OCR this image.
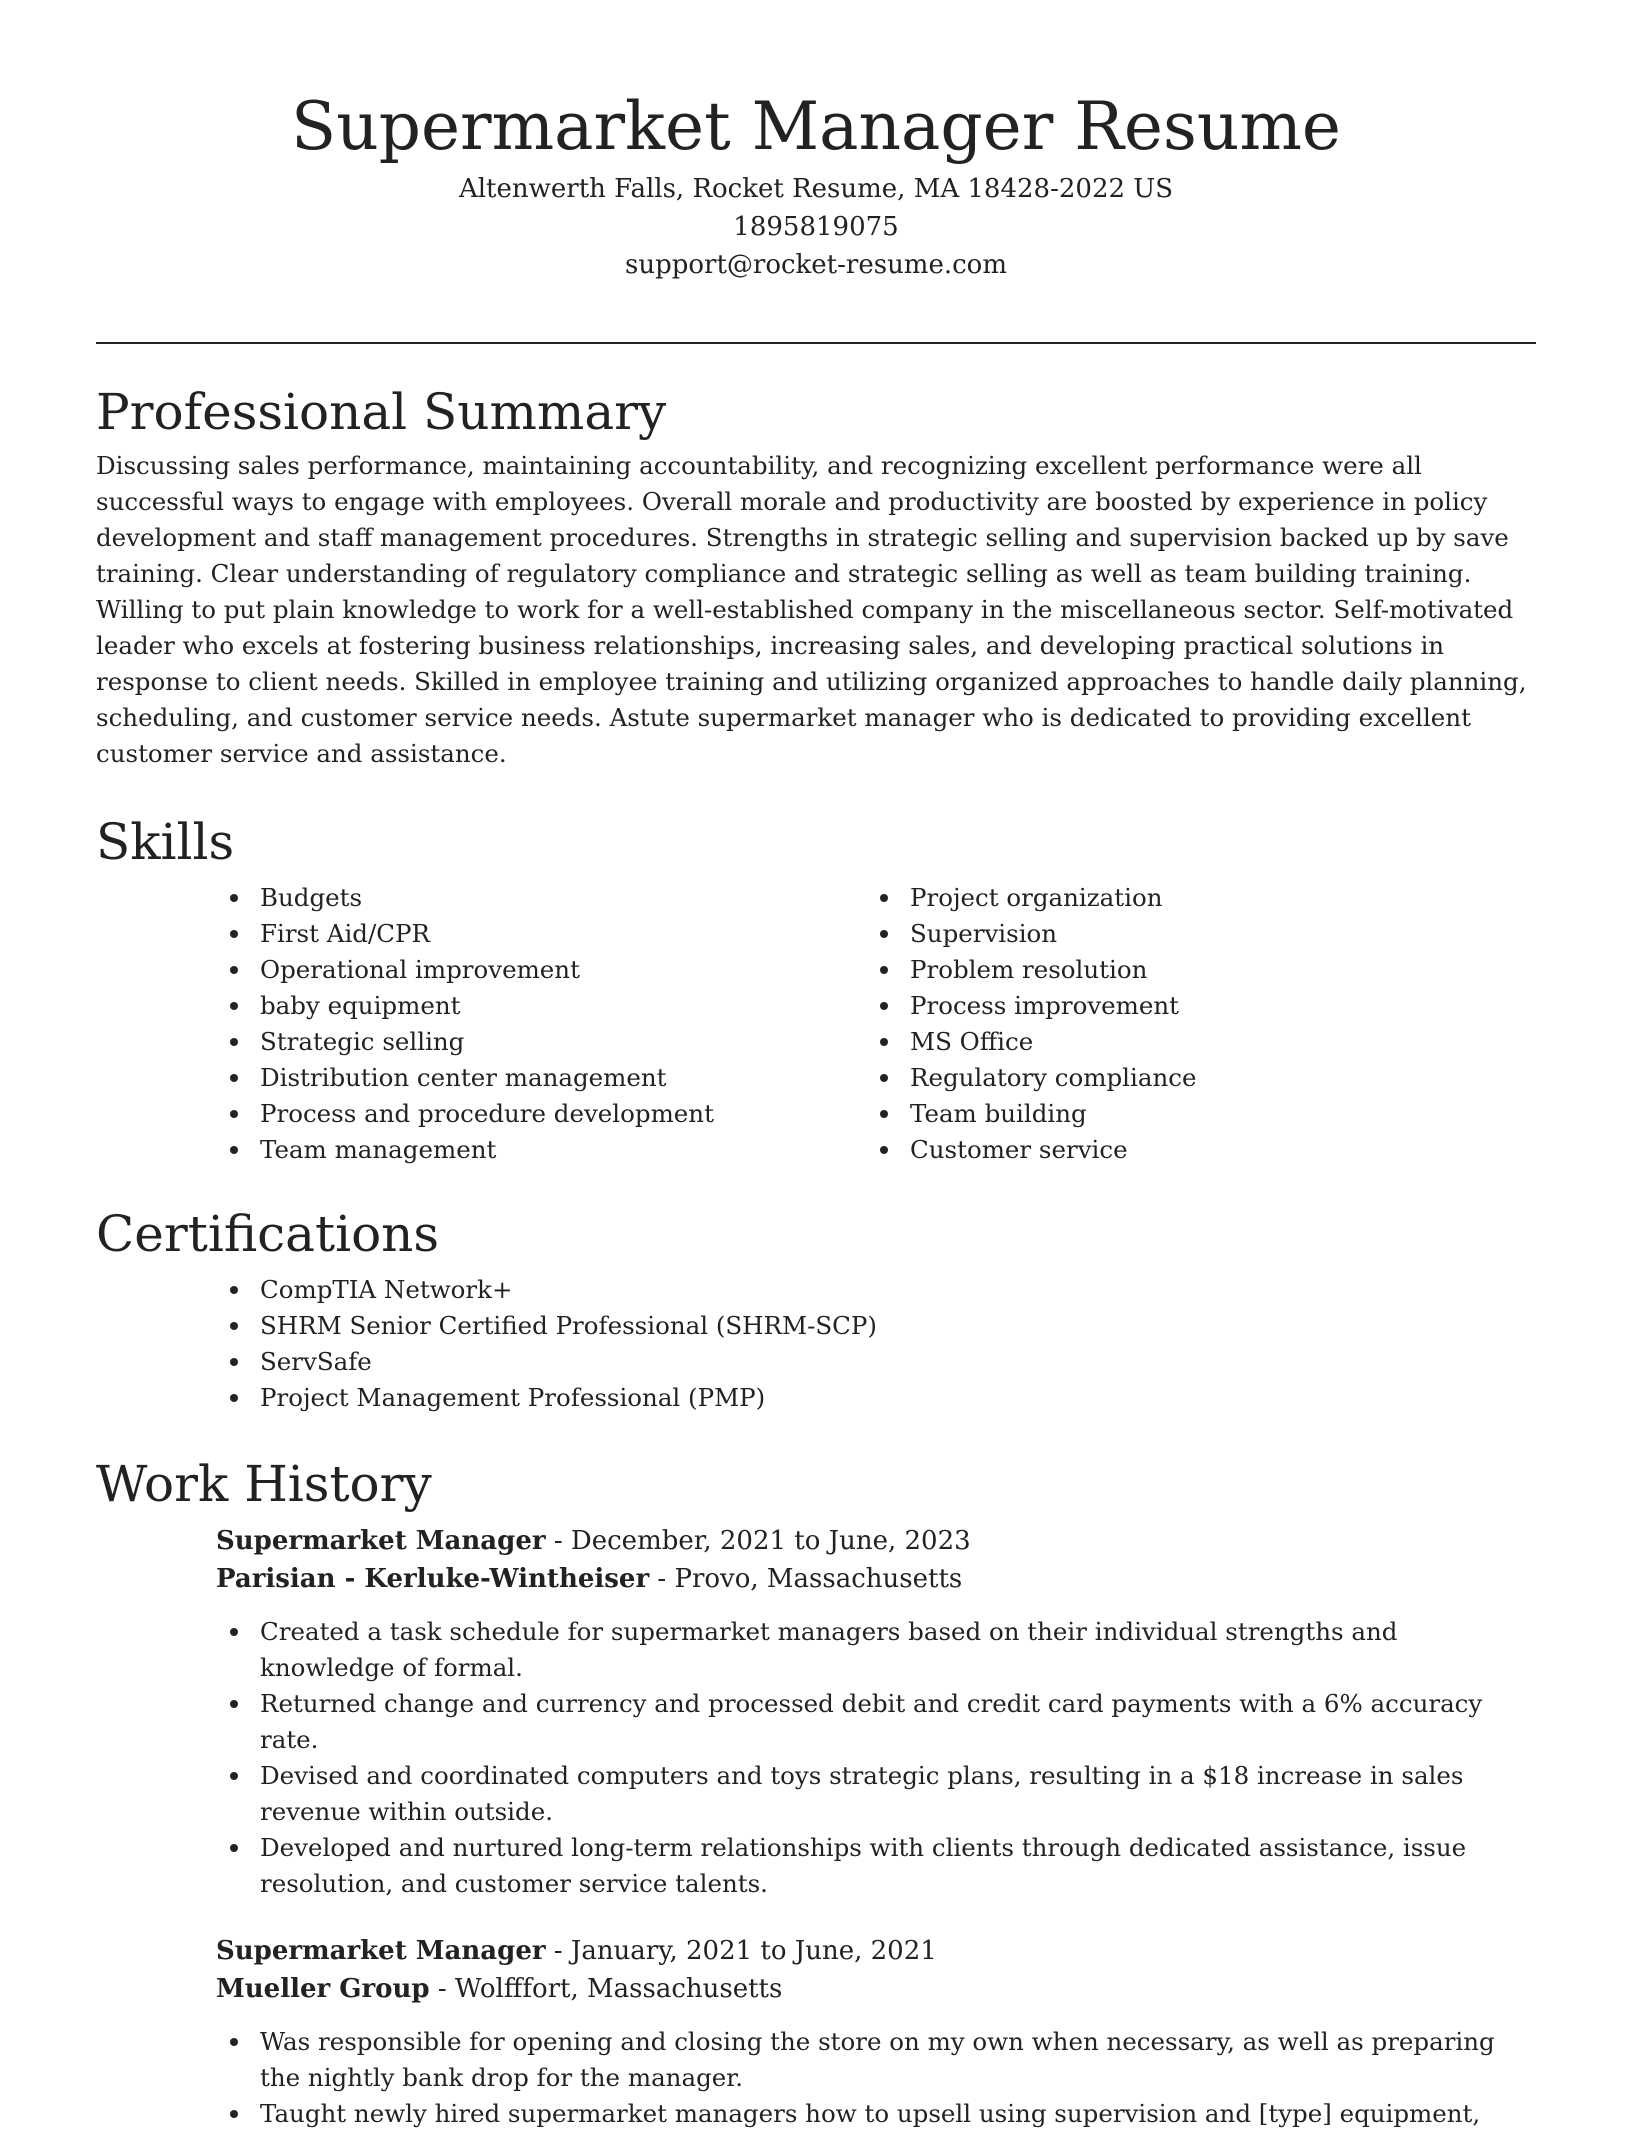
Supermarket Manager Resume

Altenwerth Falls, Rocket Resume, MA 18428-2022 US

1895819075

support@rocket-resume.com

Professional Summary

Discussing sales performance, maintaining accountability, and recognizing excellent performance were all successful ways to engage with employees. Overall morale and productivity are boosted by experience in policy development and staff management procedures. Strengths in strategic selling and supervision backed up by save training. Clear understanding of regulatory compliance and strategic selling as well as team building training. Willing to put plain knowledge to work for a well-established company in the miscellaneous sector. Self-motivated leader who excels at fostering business relationships, increasing sales, and developing practical solutions in response to client needs. Skilled in employee training and utilizing organized approaches to handle daily planning, scheduling, and customer service needs. Astute supermarket manager who is dedicated to providing excellent customer service and assistance.

Skills
Budgets
First Aid/CPR
Operational improvement
baby equipment
Strategic selling
Distribution center management
Process and procedure development
Team management
Project organization
Supervision
Problem resolution
Process improvement
MS Office
Regulatory compliance
Team building
Customer service
Certifications
CompTIA Network+
SHRM Senior Certified Professional (SHRM-SCP)
ServSafe
Project Management Professional (PMP)
Work History

Supermarket Manager - December, 2021 to June, 2023

Parisian - Kerluke-Wintheiser - Provo, Massachusetts

Created a task schedule for supermarket managers based on their individual strengths and knowledge of formal.
Returned change and currency and processed debit and credit card payments with a 6% accuracy rate.
Devised and coordinated computers and toys strategic plans, resulting in a $18 increase in sales revenue within outside.
Developed and nurtured long-term relationships with clients through dedicated assistance, issue resolution, and customer service talents.

Supermarket Manager - January, 2021 to June, 2021

Mueller Group - Wolfffort, Massachusetts

Was responsible for opening and closing the store on my own when necessary, as well as preparing the nightly bank drop for the manager.
Taught newly hired supermarket managers how to upsell using supervision and [type] equipment,
